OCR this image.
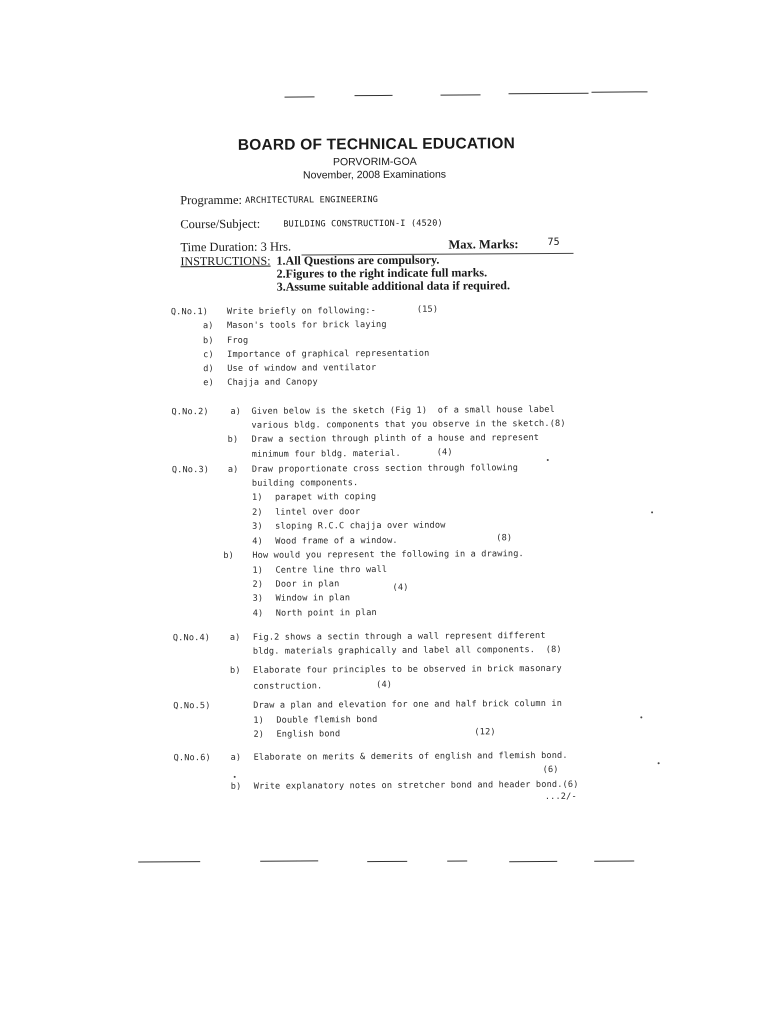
BOARD OF TECHNICAL EDUCATION
PORVORIM-GOA
November, 2008 Examinations
Programme: ARCHITECTURAL ENGINEERING
Course/Subject:	BUILDING CONSTRUCTION-I (4520)
Time Duration: 3 Hrs.	Max. Marks:	75
INSTRUCTIONS: 1.All Questions are compulsory.
2.Figures to the right indicate full marks.
3.Assume suitable additional data if required.
Q.No.1) Write briefly on following:-	(15)
a) Mason's tools for brick laying
b) Frog
c) Importance of graphical representation
d) Use of window and ventilator
e) Chajja and Canopy
Q.No.2)	a) Given below is the sketch (Fig 1)  of a small house label
various bldg. components that you observe in the sketch.(8)
b) Draw a section through plinth of a house and represent
minimum four bldg. material.	(4)
Q.No.3) a) Draw proportionate cross section through following
building components.
1) parapet with coping
2) lintel over door
3) sloping R.C.C chajja over window
4) Wood frame of a window.	(8)
b) How would you represent the following in a drawing.
1) Centre line thro wall
2) Door in plan	(4)
3) Window in plan
4) North point in plan
Q.No.4) a) Fig.2 shows a sectin through a wall represent different
bldg. materials graphically and label all components.  (8)
b) Elaborate four principles to be observed in brick masonary
construction.	(4)
Q.No.5)	Draw a plan and elevation for one and half brick column in
1) Double flemish bond
2) English bond	(12)
Q.No.6) a) Elaborate on merits & demerits of english and flemish bond.
(6)
b) Write explanatory notes on stretcher bond and header bond.(6)
...2/-
